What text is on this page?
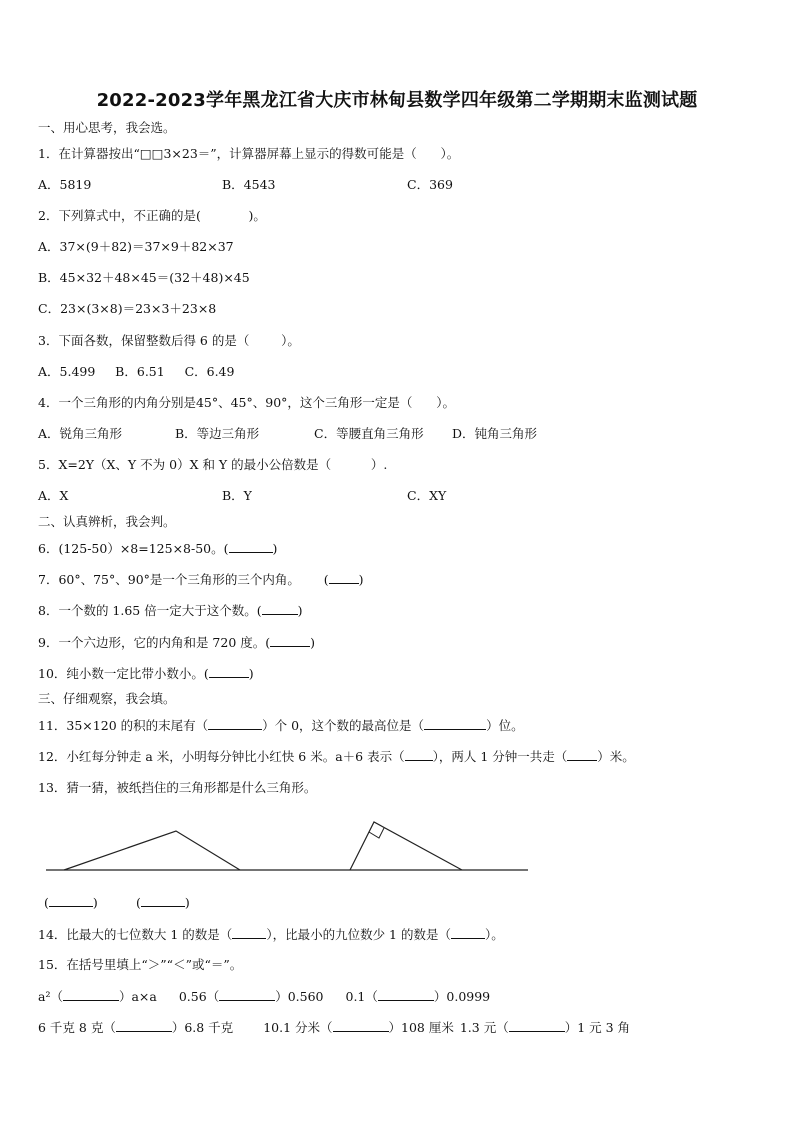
2022-2023学年黑龙江省大庆市林甸县数学四年级第二学期期末监测试题
一、用心思考，我会选。
1．在计算器按出“□□3×23＝”，计算器屏幕上显示的得数可能是（      ）。
A．5819	B．4543	C．369
2．下列算式中，不正确的是(            )。
A．37×(9＋82)＝37×9＋82×37
B．45×32＋48×45＝(32＋48)×45
C．23×(3×8)＝23×3＋23×8
3．下面各数，保留整数后得 6 的是（        ）。
A．5.499     B．6.51     C．6.49
4．一个三角形的内角分别是45°、45°、90°，这个三角形一定是（      ）。
A．锐角三角形	B．等边三角形	C．等腰直角三角形 D．钝角三角形
5．X=2Y（X、Y 不为 0）X 和 Y 的最小公倍数是（          ）.
A．X	B．Y	C．XY
二、认真辨析，我会判。
6．(125-50）×8=125×8-50。(	)
7．60°、75°、90°是一个三角形的三个内角。      ( )
8．一个数的 1.65 倍一定大于这个数。(	)
9．一个六边形，它的内角和是 720 度。(	)
10．纯小数一定比带小数小。(	)
三、仔细观察，我会填。
11．35×120 的积的末尾有（	）个 0，这个数的最高位是（	）位。
12．小红每分钟走 a 米，小明每分钟比小红快 6 米。a＋6 表示（ ），两人 1 分钟一共走（ ）米。
13．猜一猜，被纸挡住的三角形都是什么三角形。
(	)	(	)
14．比最大的七位数大 1 的数是（	），比最小的九位数少 1 的数是（	）。
15．在括号里填上“＞”“＜”或“＝”。
a²（	）a×a 0.56（	）0.560 0.1（	）0.0999
6 千克 8 克（	）6.8 千克 10.1 分米（	）108 厘米 1.3 元（	）1 元 3 角
